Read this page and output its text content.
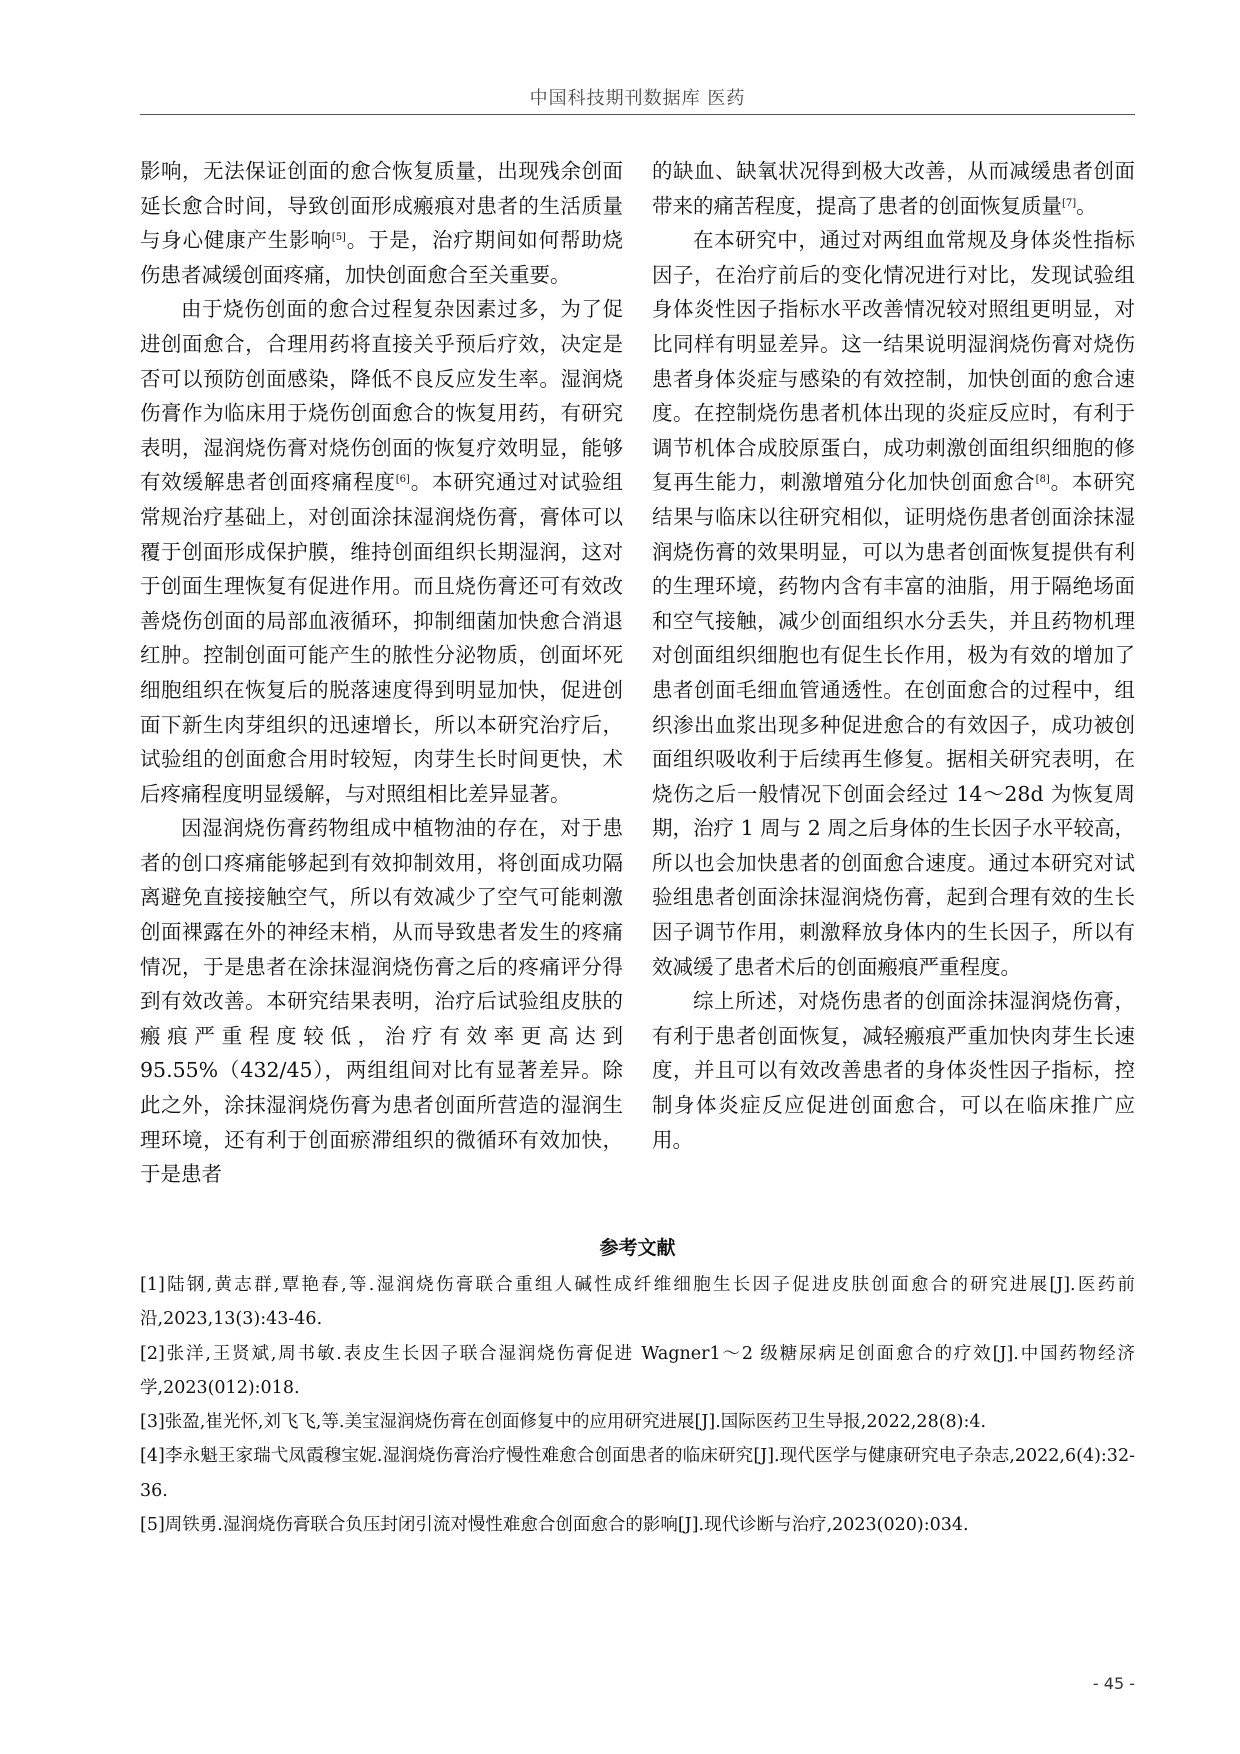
中国科技期刊数据库 医药

影响，无法保证创面的愈合恢复质量，出现残余创面延长愈合时间，导致创面形成瘢痕对患者的生活质量与身心健康产生影响[5]。于是，治疗期间如何帮助烧伤患者减缓创面疼痛，加快创面愈合至关重要。

由于烧伤创面的愈合过程复杂因素过多，为了促进创面愈合，合理用药将直接关乎预后疗效，决定是否可以预防创面感染，降低不良反应发生率。湿润烧伤膏作为临床用于烧伤创面愈合的恢复用药，有研究表明，湿润烧伤膏对烧伤创面的恢复疗效明显，能够有效缓解患者创面疼痛程度[6]。本研究通过对试验组常规治疗基础上，对创面涂抹湿润烧伤膏，膏体可以覆于创面形成保护膜，维持创面组织长期湿润，这对于创面生理恢复有促进作用。而且烧伤膏还可有效改善烧伤创面的局部血液循环，抑制细菌加快愈合消退红肿。控制创面可能产生的脓性分泌物质，创面坏死细胞组织在恢复后的脱落速度得到明显加快，促进创面下新生肉芽组织的迅速增长，所以本研究治疗后，试验组的创面愈合用时较短，肉芽生长时间更快，术后疼痛程度明显缓解，与对照组相比差异显著。

因湿润烧伤膏药物组成中植物油的存在，对于患者的创口疼痛能够起到有效抑制效用，将创面成功隔离避免直接接触空气，所以有效减少了空气可能刺激创面裸露在外的神经末梢，从而导致患者发生的疼痛情况，于是患者在涂抹湿润烧伤膏之后的疼痛评分得到有效改善。本研究结果表明，治疗后试验组皮肤的瘢痕严重程度较低，治疗有效率更高达到 95.55%（432/45），两组组间对比有显著差异。除此之外，涂抹湿润烧伤膏为患者创面所营造的湿润生理环境，还有利于创面瘀滞组织的微循环有效加快，于是患者

的缺血、缺氧状况得到极大改善，从而减缓患者创面带来的痛苦程度，提高了患者的创面恢复质量[7]。

在本研究中，通过对两组血常规及身体炎性指标因子，在治疗前后的变化情况进行对比，发现试验组身体炎性因子指标水平改善情况较对照组更明显，对比同样有明显差异。这一结果说明湿润烧伤膏对烧伤患者身体炎症与感染的有效控制，加快创面的愈合速度。在控制烧伤患者机体出现的炎症反应时，有利于调节机体合成胶原蛋白，成功刺激创面组织细胞的修复再生能力，刺激增殖分化加快创面愈合[8]。本研究结果与临床以往研究相似，证明烧伤患者创面涂抹湿润烧伤膏的效果明显，可以为患者创面恢复提供有利的生理环境，药物内含有丰富的油脂，用于隔绝场面和空气接触，减少创面组织水分丢失，并且药物机理对创面组织细胞也有促生长作用，极为有效的增加了患者创面毛细血管通透性。在创面愈合的过程中，组织渗出血浆出现多种促进愈合的有效因子，成功被创面组织吸收利于后续再生修复。据相关研究表明，在烧伤之后一般情况下创面会经过 14～28d 为恢复周期，治疗 1 周与 2 周之后身体的生长因子水平较高，所以也会加快患者的创面愈合速度。通过本研究对试验组患者创面涂抹湿润烧伤膏，起到合理有效的生长因子调节作用，刺激释放身体内的生长因子，所以有效减缓了患者术后的创面瘢痕严重程度。

综上所述，对烧伤患者的创面涂抹湿润烧伤膏，有利于患者创面恢复，减轻瘢痕严重加快肉芽生长速度，并且可以有效改善患者的身体炎性因子指标，控制身体炎症反应促进创面愈合，可以在临床推广应用。

参考文献

[1]陆钢,黄志群,覃艳春,等.湿润烧伤膏联合重组人碱性成纤维细胞生长因子促进皮肤创面愈合的研究进展[J].医药前沿,2023,13(3):43-46.

[2]张洋,王贤斌,周书敏.表皮生长因子联合湿润烧伤膏促进 Wagner1～2 级糖尿病足创面愈合的疗效[J].中国药物经济学,2023(012):018.

[3]张盈,崔光怀,刘飞飞,等.美宝湿润烧伤膏在创面修复中的应用研究进展[J].国际医药卫生导报,2022,28(8):4.

[4]李永魁王家瑞弋凤霞穆宝妮.湿润烧伤膏治疗慢性难愈合创面患者的临床研究[J].现代医学与健康研究电子杂志,2022,6(4):32-36.

[5]周铁勇.湿润烧伤膏联合负压封闭引流对慢性难愈合创面愈合的影响[J].现代诊断与治疗,2023(020):034.

- 45 -
